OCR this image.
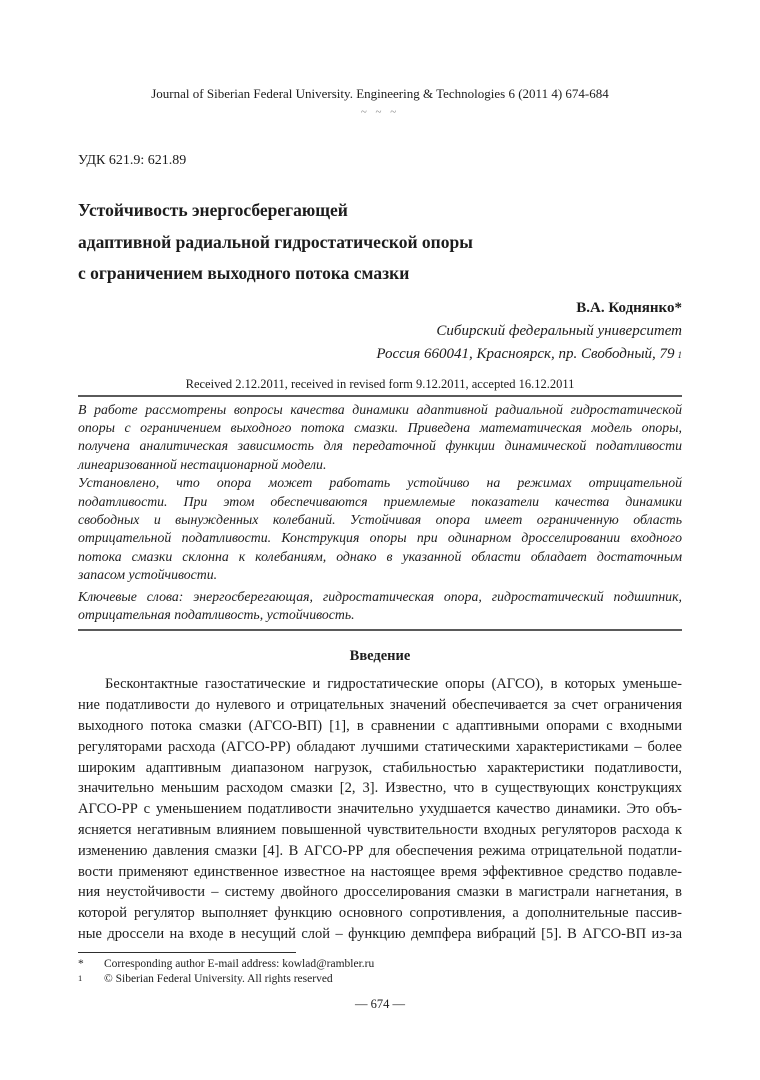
Journal of Siberian Federal University. Engineering & Technologies 6 (2011 4) 674-684
~ ~ ~
УДК 621.9: 621.89
Устойчивость энергосберегающей
адаптивной радиальной гидростатической опоры
с ограничением выходного потока смазки
В.А. Коднянко*
Сибирский федеральный университет
Россия 660041, Красноярск, пр. Свободный, 79 $^1$
Received 2.12.2011, received in revised form 9.12.2011, accepted 16.12.2011
В работе рассмотрены вопросы качества динамики адаптивной радиальной гидростатической
опоры с ограничением выходного потока смазки. Приведена математическая модель опоры,
получена аналитическая зависимость для передаточной функции динамической податливости
линеаризованной нестационарной модели.
Установлено, что опора может работать устойчиво на режимах отрицательной
податливости. При этом обеспечиваются приемлемые показатели качества динамики
свободных и вынужденных колебаний. Устойчивая опора имеет ограниченную область
отрицательной податливости. Конструкция опоры при одинарном дросселировании входного
потока смазки склонна к колебаниям, однако в указанной области обладает достаточным
запасом устойчивости.
Ключевые слова: энергосберегающая, гидростатическая опора, гидростатический подшипник,
отрицательная податливость, устойчивость.
Введение
Бесконтактные газостатические и гидростатические опоры (АГСО), в которых уменьше-
ние податливости до нулевого и отрицательных значений обеспечивается за счет ограничения
выходного потока смазки (АГСО-ВП) [1], в сравнении с адаптивными опорами с входными
регуляторами расхода (АГСО-РР) обладают лучшими статическими характеристиками – более
широким адаптивным диапазоном нагрузок, стабильностью характеристики податливости,
значительно меньшим расходом смазки [2, 3]. Известно, что в существующих конструкциях
АГСО-РР с уменьшением податливости значительно ухудшается качество динамики. Это объ-
ясняется негативным влиянием повышенной чувствительности входных регуляторов расхода к
изменению давления смазки [4]. В АГСО-РР для обеспечения режима отрицательной податли-
вости применяют единственное известное на настоящее время эффективное средство подавле-
ния неустойчивости – систему двойного дросселирования смазки в магистрали нагнетания, в
которой регулятор выполняет функцию основного сопротивления, а дополнительные пассив-
ные дроссели на входе в несущий слой – функцию демпфера вибраций [5]. В АГСО-ВП из-за
*	Corresponding author E-mail address: kowlad@rambler.ru
1	© Siberian Federal University. All rights reserved
— 674 —
